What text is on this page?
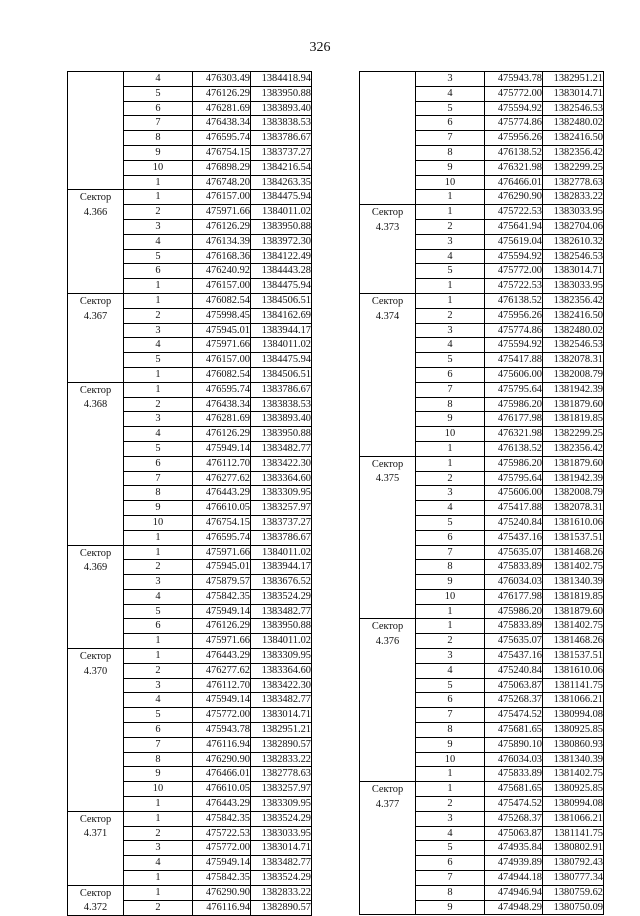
326
	4	476303.49	1384418.94
	5	476126.29	1383950.88
	6	476281.69	1383893.40
	7	476438.34	1383838.53
	8	476595.74	1383786.67
	9	476754.15	1383737.27
	10	476898.29	1384216.54
	1	476748.20	1384263.35

Сектор
4.366	1	476157.00	1384475.94
	2	475971.66	1384011.02
	3	476126.29	1383950.88
	4	476134.39	1383972.30
	5	476168.36	1384122.49
	6	476240.92	1384443.28
	1	476157.00	1384475.94

Сектор
4.367	1	476082.54	1384506.51
	2	475998.45	1384162.69
	3	475945.01	1383944.17
	4	475971.66	1384011.02
	5	476157.00	1384475.94
	1	476082.54	1384506.51

Сектор
4.368	1	476595.74	1383786.67
	2	476438.34	1383838.53
	3	476281.69	1383893.40
	4	476126.29	1383950.88
	5	475949.14	1383482.77
	6	476112.70	1383422.30
	7	476277.62	1383364.60
	8	476443.29	1383309.95
	9	476610.05	1383257.97
	10	476754.15	1383737.27
	1	476595.74	1383786.67

Сектор
4.369	1	475971.66	1384011.02
	2	475945.01	1383944.17
	3	475879.57	1383676.52
	4	475842.35	1383524.29
	5	475949.14	1383482.77
	6	476126.29	1383950.88
	1	475971.66	1384011.02

Сектор
4.370	1	476443.29	1383309.95
	2	476277.62	1383364.60
	3	476112.70	1383422.30
	4	475949.14	1383482.77
	5	475772.00	1383014.71
	6	475943.78	1382951.21
	7	476116.94	1382890.57
	8	476290.90	1382833.22
	9	476466.01	1382778.63
	10	476610.05	1383257.97
	1	476443.29	1383309.95

Сектор
4.371	1	475842.35	1383524.29
	2	475722.53	1383033.95
	3	475772.00	1383014.71
	4	475949.14	1383482.77
	1	475842.35	1383524.29

Сектор
4.372	1	476290.90	1382833.22
	2	476116.94	1382890.57
	3	475943.78	1382951.21
	4	475772.00	1383014.71
	5	475594.92	1382546.53
	6	475774.86	1382480.02
	7	475956.26	1382416.50
	8	476138.52	1382356.42
	9	476321.98	1382299.25
	10	476466.01	1382778.63
	1	476290.90	1382833.22

Сектор
4.373	1	475722.53	1383033.95
	2	475641.94	1382704.06
	3	475619.04	1382610.32
	4	475594.92	1382546.53
	5	475772.00	1383014.71
	1	475722.53	1383033.95

Сектор
4.374	1	476138.52	1382356.42
	2	475956.26	1382416.50
	3	475774.86	1382480.02
	4	475594.92	1382546.53
	5	475417.88	1382078.31
	6	475606.00	1382008.79
	7	475795.64	1381942.39
	8	475986.20	1381879.60
	9	476177.98	1381819.85
	10	476321.98	1382299.25
	1	476138.52	1382356.42

Сектор
4.375	1	475986.20	1381879.60
	2	475795.64	1381942.39
	3	475606.00	1382008.79
	4	475417.88	1382078.31
	5	475240.84	1381610.06
	6	475437.16	1381537.51
	7	475635.07	1381468.26
	8	475833.89	1381402.75
	9	476034.03	1381340.39
	10	476177.98	1381819.85
	1	475986.20	1381879.60

Сектор
4.376	1	475833.89	1381402.75
	2	475635.07	1381468.26
	3	475437.16	1381537.51
	4	475240.84	1381610.06
	5	475063.87	1381141.75
	6	475268.37	1381066.21
	7	475474.52	1380994.08
	8	475681.65	1380925.85
	9	475890.10	1380860.93
	10	476034.03	1381340.39
	1	475833.89	1381402.75

Сектор
4.377	1	475681.65	1380925.85
	2	475474.52	1380994.08
	3	475268.37	1381066.21
	4	475063.87	1381141.75
	5	474935.84	1380802.91
	6	474939.89	1380792.43
	7	474944.18	1380777.34
	8	474946.94	1380759.62
	9	474948.29	1380750.09
